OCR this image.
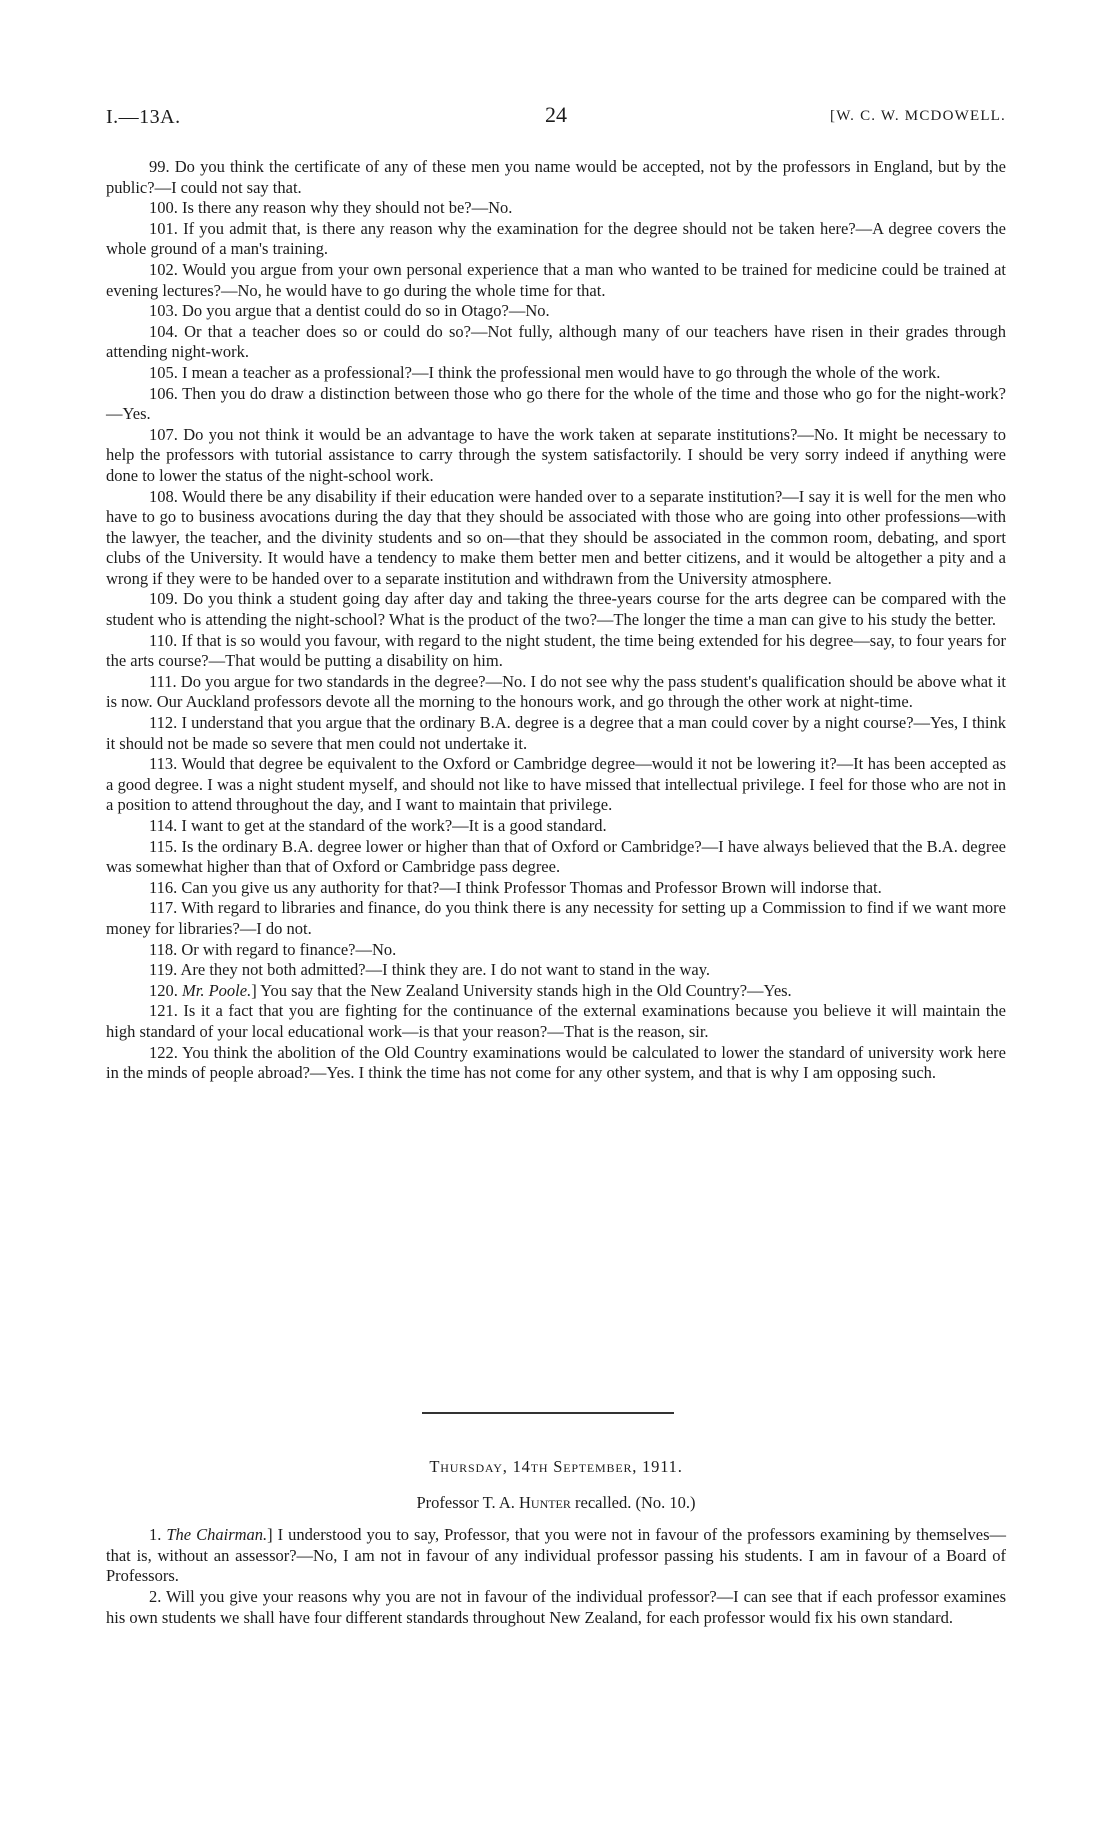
I.—13A.	24	[W. C. W. MCDOWELL.

99. Do you think the certificate of any of these men you name would be accepted, not by the professors in England, but by the public?—I could not say that.

100. Is there any reason why they should not be?—No.

101. If you admit that, is there any reason why the examination for the degree should not be taken here?—A degree covers the whole ground of a man's training.

102. Would you argue from your own personal experience that a man who wanted to be trained for medicine could be trained at evening lectures?—No, he would have to go during the whole time for that.

103. Do you argue that a dentist could do so in Otago?—No.

104. Or that a teacher does so or could do so?—Not fully, although many of our teachers have risen in their grades through attending night-work.

105. I mean a teacher as a professional?—I think the professional men would have to go through the whole of the work.

106. Then you do draw a distinction between those who go there for the whole of the time and those who go for the night-work?—Yes.

107. Do you not think it would be an advantage to have the work taken at separate institutions?—No. It might be necessary to help the professors with tutorial assistance to carry through the system satisfactorily. I should be very sorry indeed if anything were done to lower the status of the night-school work.

108. Would there be any disability if their education were handed over to a separate institution?—I say it is well for the men who have to go to business avocations during the day that they should be associated with those who are going into other professions—with the lawyer, the teacher, and the divinity students and so on—that they should be associated in the common room, debating, and sport clubs of the University. It would have a tendency to make them better men and better citizens, and it would be altogether a pity and a wrong if they were to be handed over to a separate institution and withdrawn from the University atmosphere.

109. Do you think a student going day after day and taking the three-years course for the arts degree can be compared with the student who is attending the night-school? What is the product of the two?—The longer the time a man can give to his study the better.

110. If that is so would you favour, with regard to the night student, the time being extended for his degree—say, to four years for the arts course?—That would be putting a disability on him.

111. Do you argue for two standards in the degree?—No. I do not see why the pass student's qualification should be above what it is now. Our Auckland professors devote all the morning to the honours work, and go through the other work at night-time.

112. I understand that you argue that the ordinary B.A. degree is a degree that a man could cover by a night course?—Yes, I think it should not be made so severe that men could not undertake it.

113. Would that degree be equivalent to the Oxford or Cambridge degree—would it not be lowering it?—It has been accepted as a good degree. I was a night student myself, and should not like to have missed that intellectual privilege. I feel for those who are not in a position to attend throughout the day, and I want to maintain that privilege.

114. I want to get at the standard of the work?—It is a good standard.

115. Is the ordinary B.A. degree lower or higher than that of Oxford or Cambridge?—I have always believed that the B.A. degree was somewhat higher than that of Oxford or Cambridge pass degree.

116. Can you give us any authority for that?—I think Professor Thomas and Professor Brown will indorse that.

117. With regard to libraries and finance, do you think there is any necessity for setting up a Commission to find if we want more money for libraries?—I do not.

118. Or with regard to finance?—No.

119. Are they not both admitted?—I think they are. I do not want to stand in the way.

120. Mr. Poole.] You say that the New Zealand University stands high in the Old Country?—Yes.

121. Is it a fact that you are fighting for the continuance of the external examinations because you believe it will maintain the high standard of your local educational work—is that your reason?—That is the reason, sir.

122. You think the abolition of the Old Country examinations would be calculated to lower the standard of university work here in the minds of people abroad?—Yes. I think the time has not come for any other system, and that is why I am opposing such.

Thursday, 14th September, 1911.

Professor T. A. Hunter recalled. (No. 10.)

1. The Chairman.] I understood you to say, Professor, that you were not in favour of the professors examining by themselves—that is, without an assessor?—No, I am not in favour of any individual professor passing his students. I am in favour of a Board of Professors.

2. Will you give your reasons why you are not in favour of the individual professor?—I can see that if each professor examines his own students we shall have four different standards throughout New Zealand, for each professor would fix his own standard.
